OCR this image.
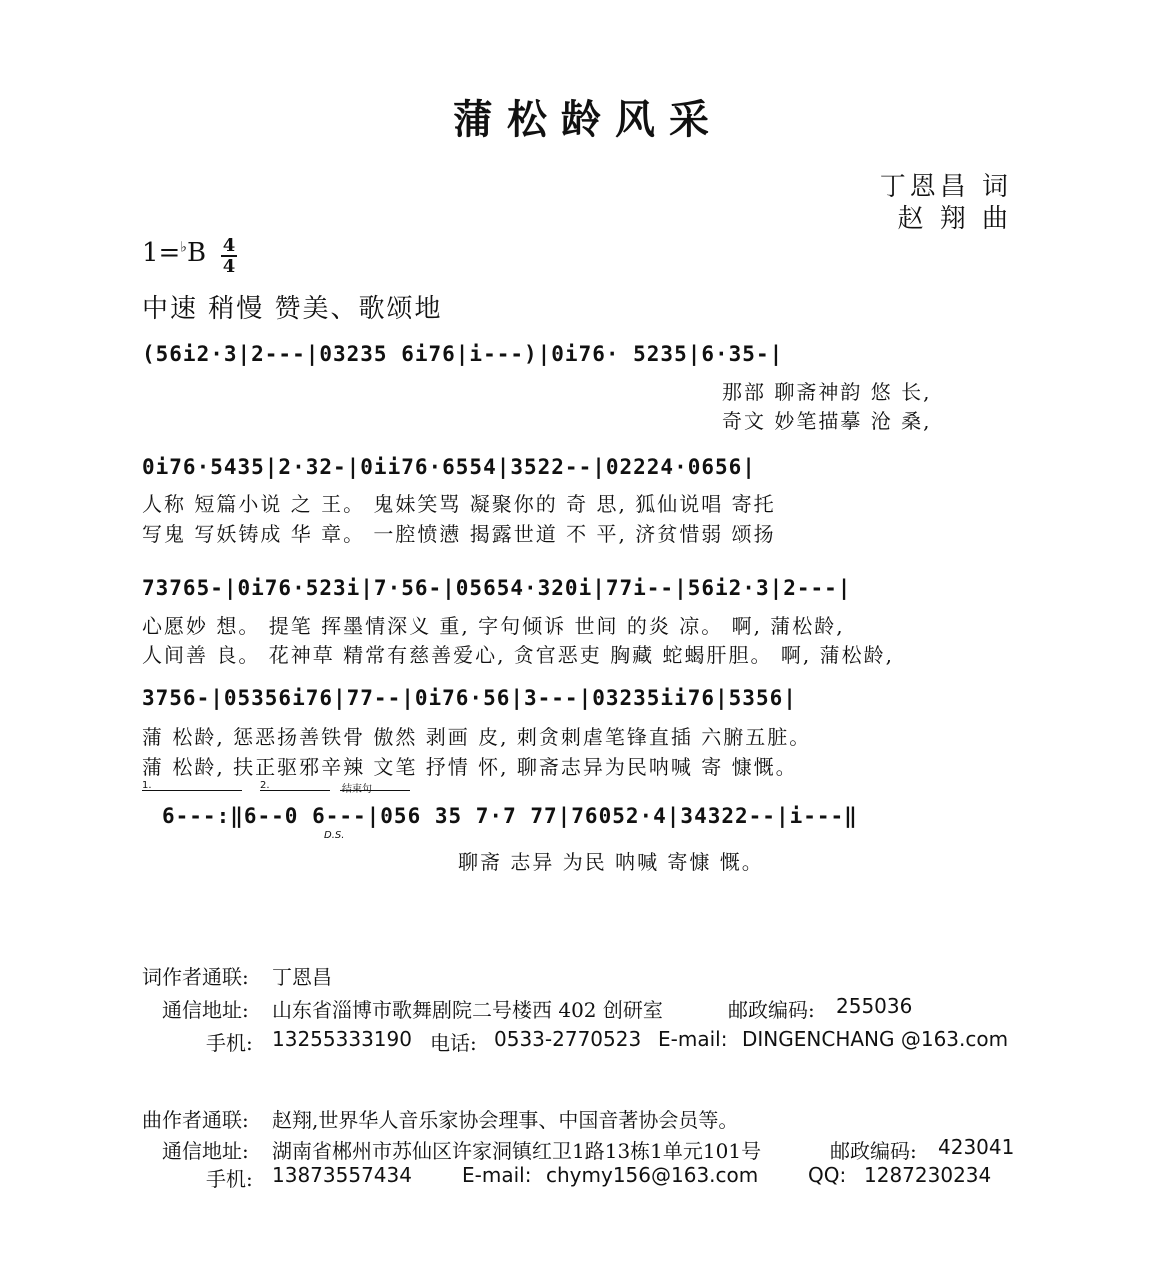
蒲松龄风采
丁恩昌 词
赵 翔 曲
1=♭B 4
4
中速 稍慢 赞美、歌颂地
(56i2·3|2---|03235 6i76|i---)|0i76· 5235|6·35-|
那部 聊斋神韵 悠 长,
奇文 妙笔描摹 沧 桑,
0i76·5435|2·32-|0ii76·6554|3522--|02224·0656|
人称 短篇小说 之 王。 鬼妹笑骂 凝聚你的 奇 思, 狐仙说唱 寄托
写鬼 写妖铸成 华 章。 一腔愤懑 揭露世道 不 平, 济贫惜弱 颂扬
73765-|0i76·523i|7·56-|05654·320i|77i--|56i2·3|2---|
心愿妙 想。 提笔 挥墨情深义 重, 字句倾诉 世间 的炎 凉。 啊, 蒲松龄,
人间善 良。 花神草 精常有慈善爱心, 贪官恶吏 胸藏 蛇蝎肝胆。 啊, 蒲松龄,
3756-|05356i76|77--|0i76·56|3---|03235ii76|5356|
蒲 松龄, 惩恶扬善铁骨 傲然 剥画 皮, 刺贪刺虐笔锋直插 六腑五脏。
蒲 松龄, 扶正驱邪辛辣 文笔 抒情 怀, 聊斋志异为民呐喊 寄 慷慨。
1.	2.	结束句
6---:‖6--0 6---|056 35 7·7 77|76052·4|34322--|i---‖
D.S.
聊斋 志异 为民 呐喊 寄慷 慨。
词作者通联: 丁恩昌
通信地址: 山东省淄博市歌舞剧院二号楼西 402 创研室	邮政编码: 255036
手机: 13255333190 电话: 0533-2770523 E-mail: DINGENCHANG @163.com
曲作者通联: 赵翔,世界华人音乐家协会理事、中国音著协会员等。
通信地址: 湖南省郴州市苏仙区许家洞镇红卫1路13栋1单元101号	邮政编码: 423041
手机: 13873557434	E-mail: chymy156@163.com QQ: 1287230234
